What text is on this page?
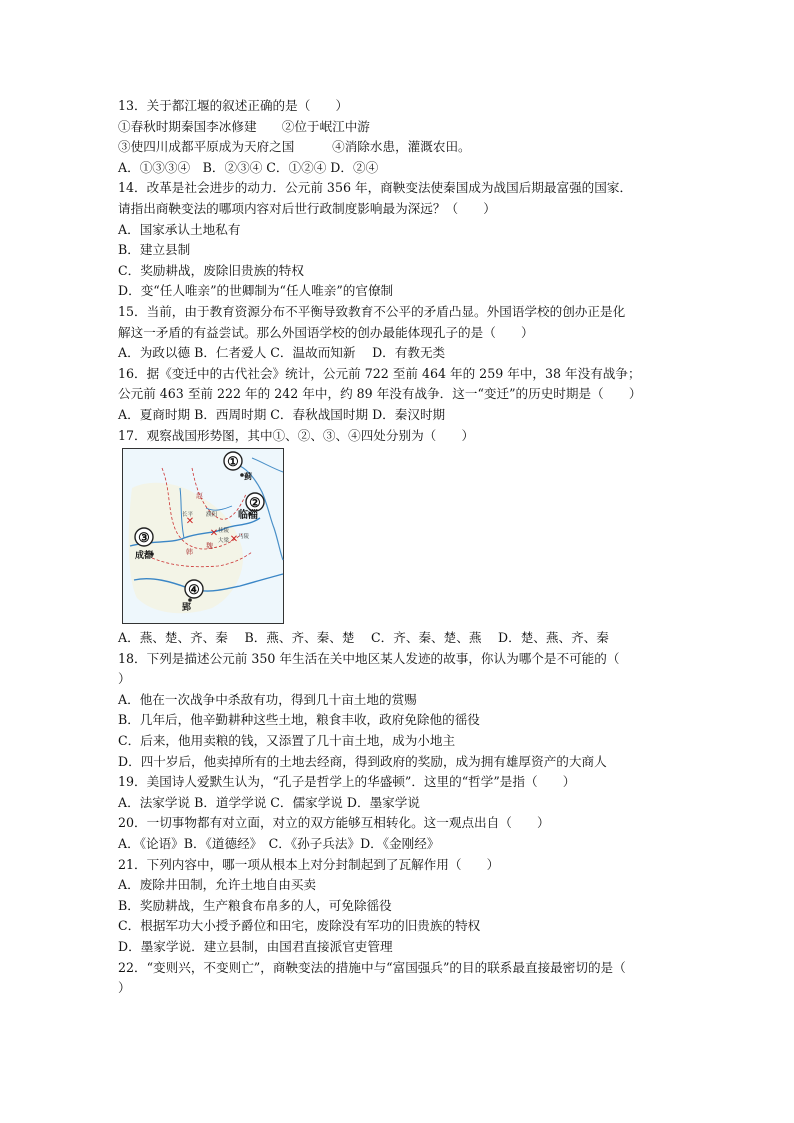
13．关于都江堰的叙述正确的是（　　）
①春秋时期秦国李冰修建　　②位于岷江中游
③使四川成都平原成为天府之国　　　④消除水患，灌溉农田。
A．①③③④　B．②③④ C．①②④ D．②④
14．改革是社会进步的动力．公元前 356 年，商鞅变法使秦国成为战国后期最富强的国家．
请指出商鞅变法的哪项内容对后世行政制度影响最为深远？（　　）
A．国家承认土地私有
B．建立县制
C．奖励耕战，废除旧贵族的特权
D．变“任人唯亲”的世卿制为“任人唯亲”的官僚制
15．当前，由于教育资源分布不平衡导致教育不公平的矛盾凸显。外国语学校的创办正是化
解这一矛盾的有益尝试。那么外国语学校的创办最能体现孔子的是（　　）
A．为政以德 B．仁者爱人 C．温故而知新　 D．有教无类
16．据《变迁中的古代社会》统计，公元前 722 至前 464 年的 259 年中，38 年没有战争；
公元前 463 至前 222 年的 242 年中，约 89 年没有战争．这一“变迁”的历史时期是（　　）
A．夏商时期 B．西周时期 C．春秋战国时期 D．秦汉时期
17．观察战国形势图，其中①、②、③、④四处分别为（　　）
①
②
③
④
✕
✕
✕
蓟
临淄
成都
郢
赵
魏
韩
长平 濮阳
桂陵
马陵
大梁
A．燕、楚、齐、秦　 B．燕、齐、秦、楚　 C．齐、秦、楚、燕　 D．楚、燕、齐、秦
18．下列是描述公元前 350 年生活在关中地区某人发迹的故事，你认为哪个是不可能的（
）
A．他在一次战争中杀敌有功，得到几十亩土地的赏赐
B．几年后，他辛勤耕种这些土地，粮食丰收，政府免除他的徭役
C．后来，他用卖粮的钱，又添置了几十亩土地，成为小地主
D．四十岁后，他卖掉所有的土地去经商，得到政府的奖励，成为拥有雄厚资产的大商人
19．美国诗人爱默生认为，“孔子是哲学上的华盛顿”．这里的“哲学”是指（　　）
A．法家学说 B．道学学说 C．儒家学说 D．墨家学说
20．一切事物都有对立面，对立的双方能够互相转化。这一观点出自（　　）
A．《论语》B．《道德经》　C．《孙子兵法》D．《金刚经》
21．下列内容中，哪一项从根本上对分封制起到了瓦解作用（　　）
A．废除井田制，允许土地自由买卖
B．奖励耕战，生产粮食布帛多的人，可免除徭役
C．根据军功大小授予爵位和田宅，废除没有军功的旧贵族的特权
D．墨家学说．建立县制，由国君直接派官吏管理
22．“变则兴，不变则亡”，商鞅变法的措施中与“富国强兵”的目的联系最直接最密切的是（
）
